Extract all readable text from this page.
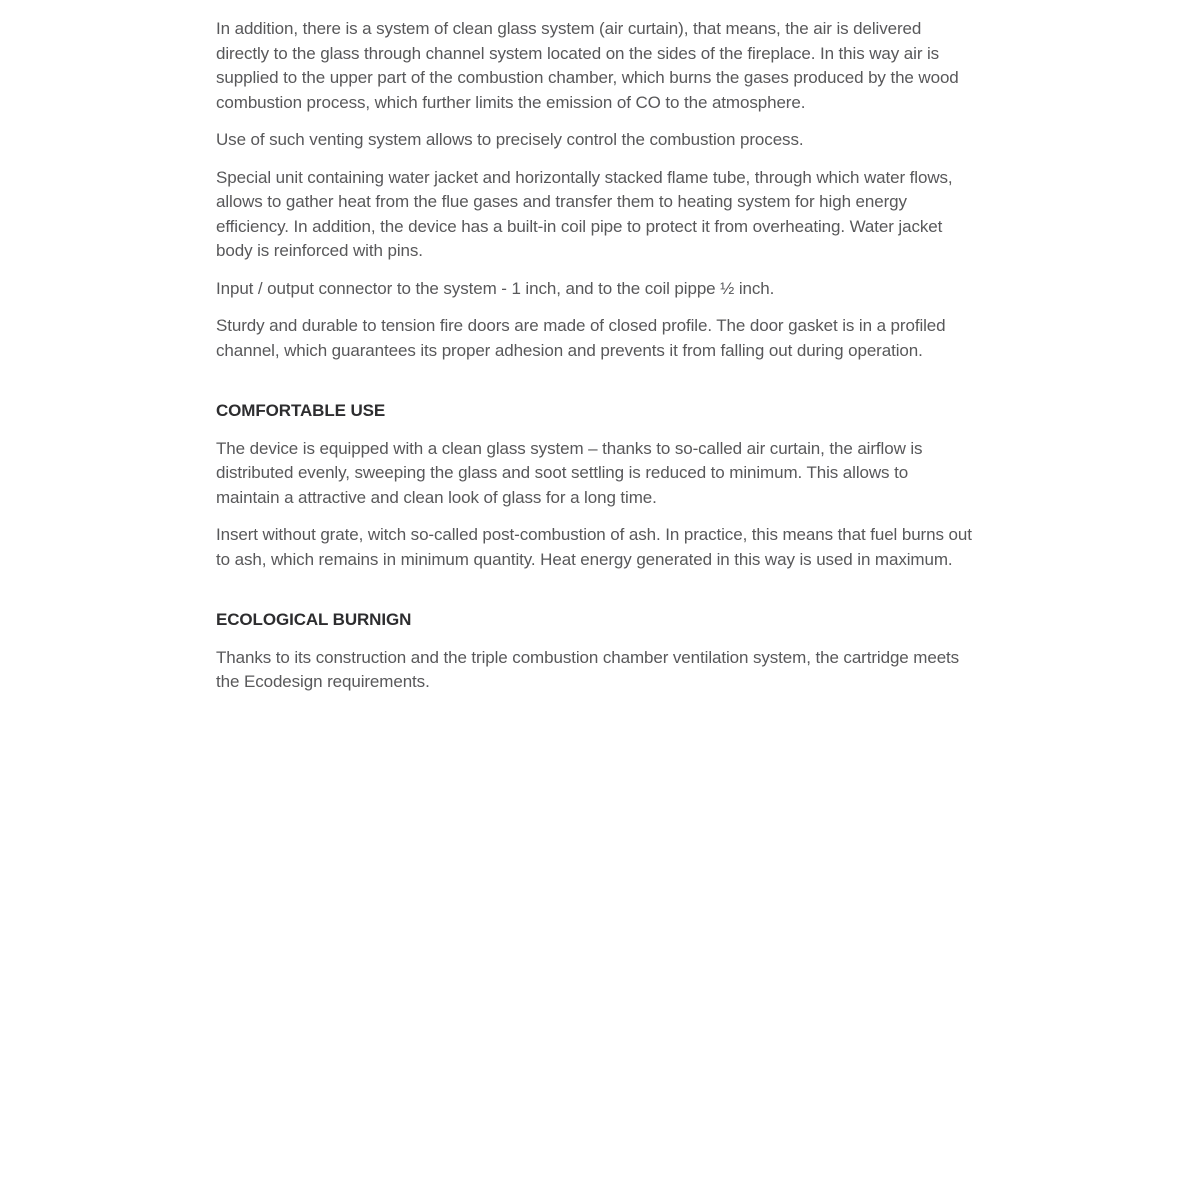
In addition, there is a system of clean glass system (air curtain), that means, the air is delivered directly to the glass through channel system located on the sides of the fireplace. In this way air is supplied to the upper part of the combustion chamber, which burns the gases produced by the wood combustion process, which further limits the emission of CO to the atmosphere.

Use of such venting system allows to precisely control the combustion process.

Special unit containing water jacket and horizontally stacked flame tube, through which water flows, allows to gather heat from the flue gases and transfer them to heating system for high energy efficiency. In addition, the device has a built-in coil pipe to protect it from overheating. Water jacket body is reinforced with pins.

Input / output connector to the system - 1 inch, and to the coil pippe ½ inch.

Sturdy and durable to tension fire doors are made of closed profile. The door gasket is in a profiled channel, which guarantees its proper adhesion and prevents it from falling out during operation.

COMFORTABLE USE

The device is equipped with a clean glass system – thanks to so-called air curtain, the airflow is distributed evenly, sweeping the glass and soot settling is reduced to minimum. This allows to maintain a attractive and clean look of glass for a long time.

Insert without grate, witch so-called post-combustion of ash. In practice, this means that fuel burns out to ash, which remains in minimum quantity. Heat energy generated in this way is used in maximum.

ECOLOGICAL BURNIGN

Thanks to its construction and the triple combustion chamber ventilation system, the cartridge meets the Ecodesign requirements.
